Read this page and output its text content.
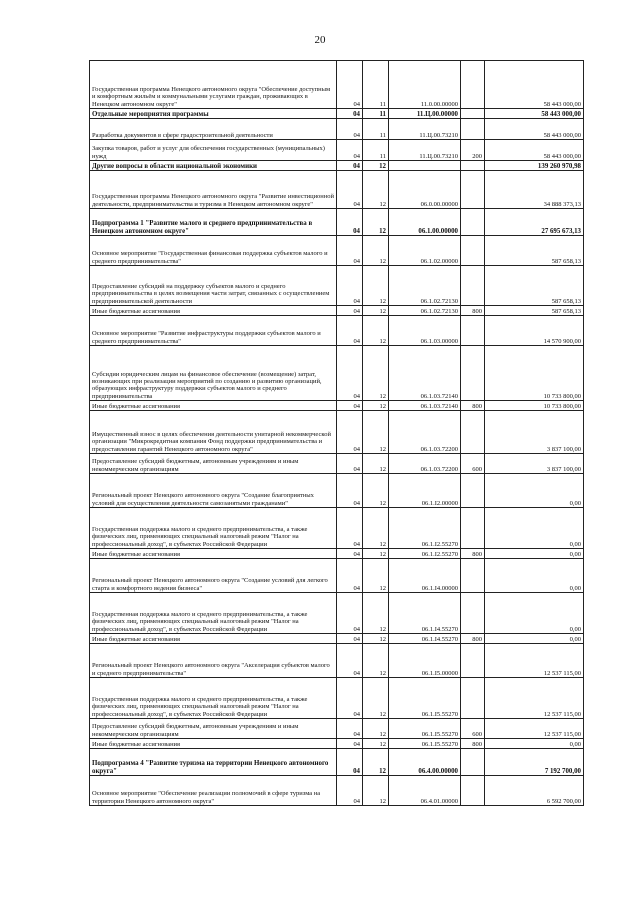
20
Государственная программа Ненецкого автономного округа "Обеспечение доступным и комфортным жильём и коммунальными услугами граждан, проживающих в Ненецком автономном округе"	04	11	11.0.00.00000		58 443 000,00
Отдельные мероприятия программы	04	11	11.Ц.00.00000		58 443 000,00
Разработка документов в сфере градостроительной деятельности	04	11	11.Ц.00.73210		58 443 000,00
Закупка товаров, работ и услуг для обеспечения государственных (муниципальных) нужд	04	11	11.Ц.00.73210	200	58 443 000,00
Другие вопросы в области национальной экономики	04	12			139 260 970,98
Государственная программа Ненецкого автономного округа "Развитие инвестиционной деятельности, предпринимательства и туризма в Ненецком автономном округе"	04	12	06.0.00.00000		34 888 373,13
Подпрограмма 1 "Развитие малого и среднего предпринимательства в Ненецком автономном округе"	04	12	06.1.00.00000		27 695 673,13
Основное мероприятие "Государственная финансовая поддержка субъектов малого и среднего предпринимательства"	04	12	06.1.02.00000		587 658,13
Предоставление субсидий на поддержку субъектов малого и среднего предпринимательства в целях возмещения части затрат, связанных с осуществлением предпринимательской деятельности	04	12	06.1.02.72130		587 658,13
Иные бюджетные ассигнования	04	12	06.1.02.72130	800	587 658,13
Основное мероприятие "Развитие инфраструктуры поддержки субъектов малого и среднего предпринимательства"	04	12	06.1.03.00000		14 570 900,00
Субсидии юридическим лицам на финансовое обеспечение (возмещение) затрат, возникающих при реализации мероприятий по созданию и развитию организаций, образующих инфраструктуру поддержки субъектов малого и среднего предпринимательства	04	12	06.1.03.72140		10 733 800,00
Иные бюджетные ассигнования	04	12	06.1.03.72140	800	10 733 800,00
Имущественный взнос в целях обеспечения деятельности унитарной некоммерческой организации "Микрокредитная компания Фонд поддержки предпринимательства и предоставления гарантий Ненецкого автономного округа"	04	12	06.1.03.72200		3 837 100,00
Предоставление субсидий бюджетным, автономным учреждениям и иным некоммерческим организациям	04	12	06.1.03.72200	600	3 837 100,00
Региональный проект Ненецкого автономного округа "Создание благоприятных условий для осуществления деятельности самозанятыми гражданами"	04	12	06.1.I2.00000		0,00
Государственная поддержка малого и среднего предпринимательства, а также физических лиц, применяющих специальный налоговый режим "Налог на профессиональный доход", в субъектах Российской Федерации	04	12	06.1.I2.55270		0,00
Иные бюджетные ассигнования	04	12	06.1.I2.55270	800	0,00
Региональный проект Ненецкого автономного округа "Создание условий для легкого старта и комфортного ведения бизнеса"	04	12	06.1.I4.00000		0,00
Государственная поддержка малого и среднего предпринимательства, а также физических лиц, применяющих специальный налоговый режим "Налог на профессиональный доход", в субъектах Российской Федерации	04	12	06.1.I4.55270		0,00
Иные бюджетные ассигнования	04	12	06.1.I4.55270	800	0,00
Региональный проект Ненецкого автономного округа "Акселерация субъектов малого и среднего предпринимательства"	04	12	06.1.I5.00000		12 537 115,00
Государственная поддержка малого и среднего предпринимательства, а также физических лиц, применяющих специальный налоговый режим "Налог на профессиональный доход", в субъектах Российской Федерации	04	12	06.1.I5.55270		12 537 115,00
Предоставление субсидий бюджетным, автономным учреждениям и иным некоммерческим организациям	04	12	06.1.I5.55270	600	12 537 115,00
Иные бюджетные ассигнования	04	12	06.1.I5.55270	800	0,00
Подпрограмма 4 "Развитие туризма на территории Ненецкого автономного округа"	04	12	06.4.00.00000		7 192 700,00
Основное мероприятие "Обеспечение реализации полномочий в сфере туризма на территории Ненецкого автономного округа"	04	12	06.4.01.00000		6 592 700,00
